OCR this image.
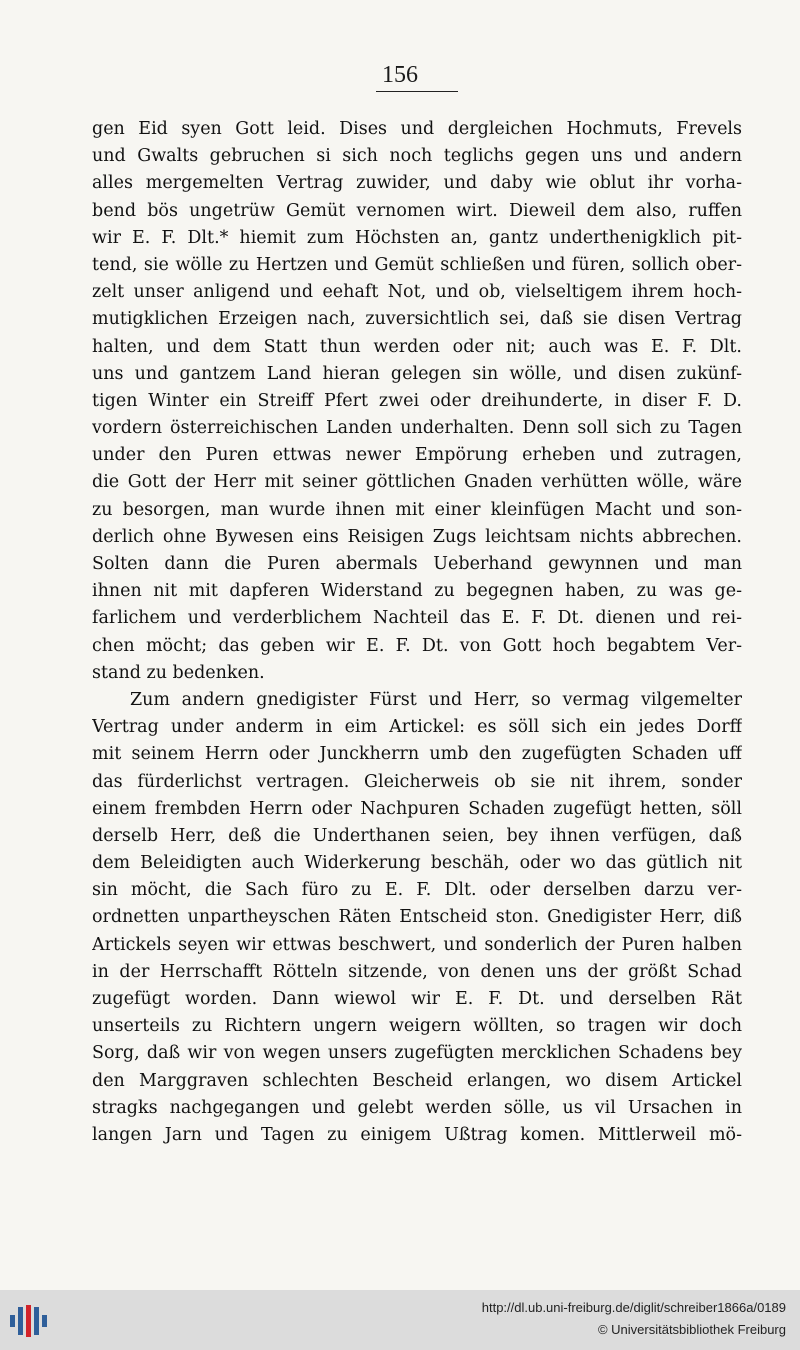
156
gen Eid syen Gott leid. Dises und dergleichen Hochmuts, Frevels
und Gwalts gebruchen si sich noch teglichs gegen uns und andern
alles mergemelten Vertrag zuwider, und daby wie oblut ihr vorha-
bend bös ungetrüw Gemüt vernomen wirt. Dieweil dem also, ruffen
wir E. F. Dlt.* hiemit zum Höchsten an, gantz underthenigklich pit-
tend, sie wölle zu Hertzen und Gemüt schließen und füren, sollich ober-
zelt unser anligend und eehaft Not, und ob, vielseltigem ihrem hoch-
mutigklichen Erzeigen nach, zuversichtlich sei, daß sie disen Vertrag
halten, und dem Statt thun werden oder nit; auch was E. F. Dlt.
uns und gantzem Land hieran gelegen sin wölle, und disen zukünf-
tigen Winter ein Streiff Pfert zwei oder dreihunderte, in diser F. D.
vordern österreichischen Landen underhalten. Denn soll sich zu Tagen
under den Puren ettwas newer Empörung erheben und zutragen,
die Gott der Herr mit seiner göttlichen Gnaden verhütten wölle, wäre
zu besorgen, man wurde ihnen mit einer kleinfügen Macht und son-
derlich ohne Bywesen eins Reisigen Zugs leichtsam nichts abbrechen.
Solten dann die Puren abermals Ueberhand gewynnen und man
ihnen nit mit dapferen Widerstand zu begegnen haben, zu was ge-
farlichem und verderblichem Nachteil das E. F. Dt. dienen und rei-
chen möcht; das geben wir E. F. Dt. von Gott hoch begabtem Ver-
stand zu bedenken.
Zum andern gnedigister Fürst und Herr, so vermag vilgemelter
Vertrag under anderm in eim Artickel: es söll sich ein jedes Dorff
mit seinem Herrn oder Junckherrn umb den zugefügten Schaden uff
das fürderlichst vertragen. Gleicherweis ob sie nit ihrem, sonder
einem frembden Herrn oder Nachpuren Schaden zugefügt hetten, söll
derselb Herr, deß die Underthanen seien, bey ihnen verfügen, daß
dem Beleidigten auch Widerkerung beschäh, oder wo das gütlich nit
sin möcht, die Sach füro zu E. F. Dlt. oder derselben darzu ver-
ordnetten unpartheyschen Räten Entscheid ston. Gnedigister Herr, diß
Artickels seyen wir ettwas beschwert, und sonderlich der Puren halben
in der Herrschafft Rötteln sitzende, von denen uns der größt Schad
zugefügt worden. Dann wiewol wir E. F. Dt. und derselben Rät
unserteils zu Richtern ungern weigern wöllten, so tragen wir doch
Sorg, daß wir von wegen unsers zugefügten mercklichen Schadens bey
den Marggraven schlechten Bescheid erlangen, wo disem Artickel
stragks nachgegangen und gelebt werden sölle, us vil Ursachen in
langen Jarn und Tagen zu einigem Ußtrag komen. Mittlerweil mö-
http://dl.ub.uni-freiburg.de/diglit/schreiber1866a/0189
© Universitätsbibliothek Freiburg
